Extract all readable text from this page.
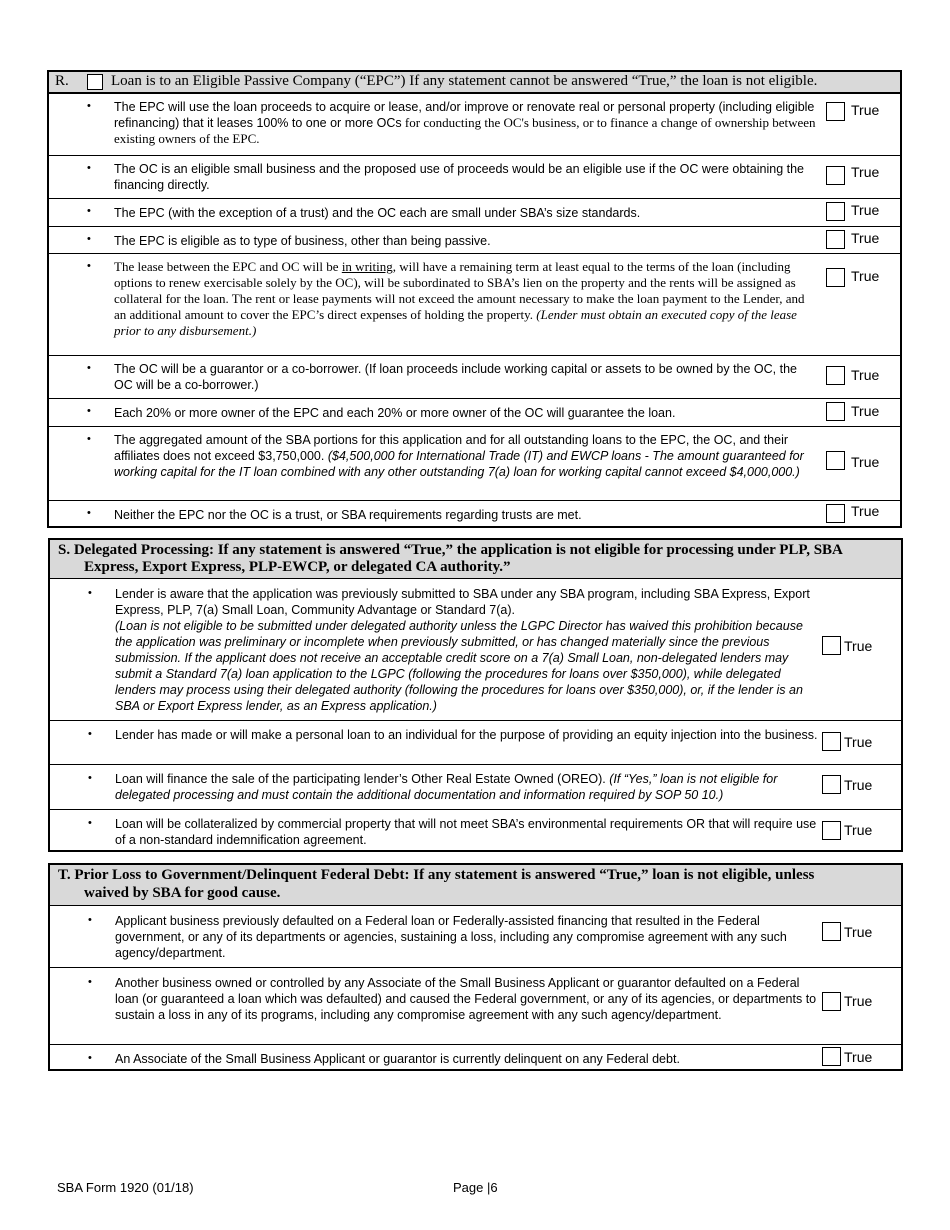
R.	Loan is to an Eligible Passive Company (“EPC”) If any statement cannot be answered “True,” the loan is not eligible.
• The EPC will use the loan proceeds to acquire or lease, and/or improve or renovate real or personal property (including eligible refinancing) that it leases 100% to one or more OCs for conducting the OC's business, or to finance a change of ownership between existing owners of the EPC.
True
• The OC is an eligible small business and the proposed use of proceeds would be an eligible use if the OC were obtaining the financing directly.
True
• The EPC (with the exception of a trust) and the OC each are small under SBA’s size standards.	True
• The EPC is eligible as to type of business, other than being passive.	True
• The lease between the EPC and OC will be in writing, will have a remaining term at least equal to the terms of the loan (including options to renew exercisable solely by the OC), will be subordinated to SBA’s lien on the property and the rents will be assigned as collateral for the loan. The rent or lease payments will not exceed the amount necessary to make the loan payment to the Lender, and an additional amount to cover the EPC’s direct expenses of holding the property. (Lender must obtain an executed copy of the lease prior to any disbursement.)
True
• The OC will be a guarantor or a co-borrower. (If loan proceeds include working capital or assets to be owned by the OC, the OC will be a co-borrower.)
True
• Each 20% or more owner of the EPC and each 20% or more owner of the OC will guarantee the loan.	True
• The aggregated amount of the SBA portions for this application and for all outstanding loans to the EPC, the OC, and their affiliates does not exceed $3,750,000. ($4,500,000 for International Trade (IT) and EWCP loans - The amount guaranteed for working capital for the IT loan combined with any other outstanding 7(a) loan for working capital cannot exceed $4,000,000.)
True
• Neither the EPC nor the OC is a trust, or SBA requirements regarding trusts are met.	True
S. Delegated Processing: If any statement is answered “True,” the application is not eligible for processing under PLP, SBA
Express, Export Express, PLP-EWCP, or delegated CA authority.”
• Lender is aware that the application was previously submitted to SBA under any SBA program, including SBA Express, Export Express, PLP, 7(a) Small Loan, Community Advantage or Standard 7(a).
(Loan is not eligible to be submitted under delegated authority unless the LGPC Director has waived this prohibition because the application was preliminary or incomplete when previously submitted, or has changed materially since the previous submission. If the applicant does not receive an acceptable credit score on a 7(a) Small Loan, non-delegated lenders may submit a Standard 7(a) loan application to the LGPC (following the procedures for loans over $350,000), while delegated lenders may process using their delegated authority (following the procedures for loans over $350,000), or, if the lender is an SBA or Export Express lender, as an Express application.)
True
• Lender has made or will make a personal loan to an individual for the purpose of providing an equity injection into the business. True
• Loan will finance the sale of the participating lender’s Other Real Estate Owned (OREO). (If “Yes,” loan is not eligible for delegated processing and must contain the additional documentation and information required by SOP 50 10.)
True
• Loan will be collateralized by commercial property that will not meet SBA’s environmental requirements OR that will require use of a non-standard indemnification agreement.
True
T. Prior Loss to Government/Delinquent Federal Debt: If any statement is answered “True,” loan is not eligible, unless
waived by SBA for good cause.
• Applicant business previously defaulted on a Federal loan or Federally-assisted financing that resulted in the Federal government, or any of its departments or agencies, sustaining a loss, including any compromise agreement with any such agency/department.
True
• Another business owned or controlled by any Associate of the Small Business Applicant or guarantor defaulted on a Federal loan (or guaranteed a loan which was defaulted) and caused the Federal government, or any of its agencies, or departments to sustain a loss in any of its programs, including any compromise agreement with any such agency/department.
True
• An Associate of the Small Business Applicant or guarantor is currently delinquent on any Federal debt.	True
SBA Form 1920 (01/18)	Page |6
